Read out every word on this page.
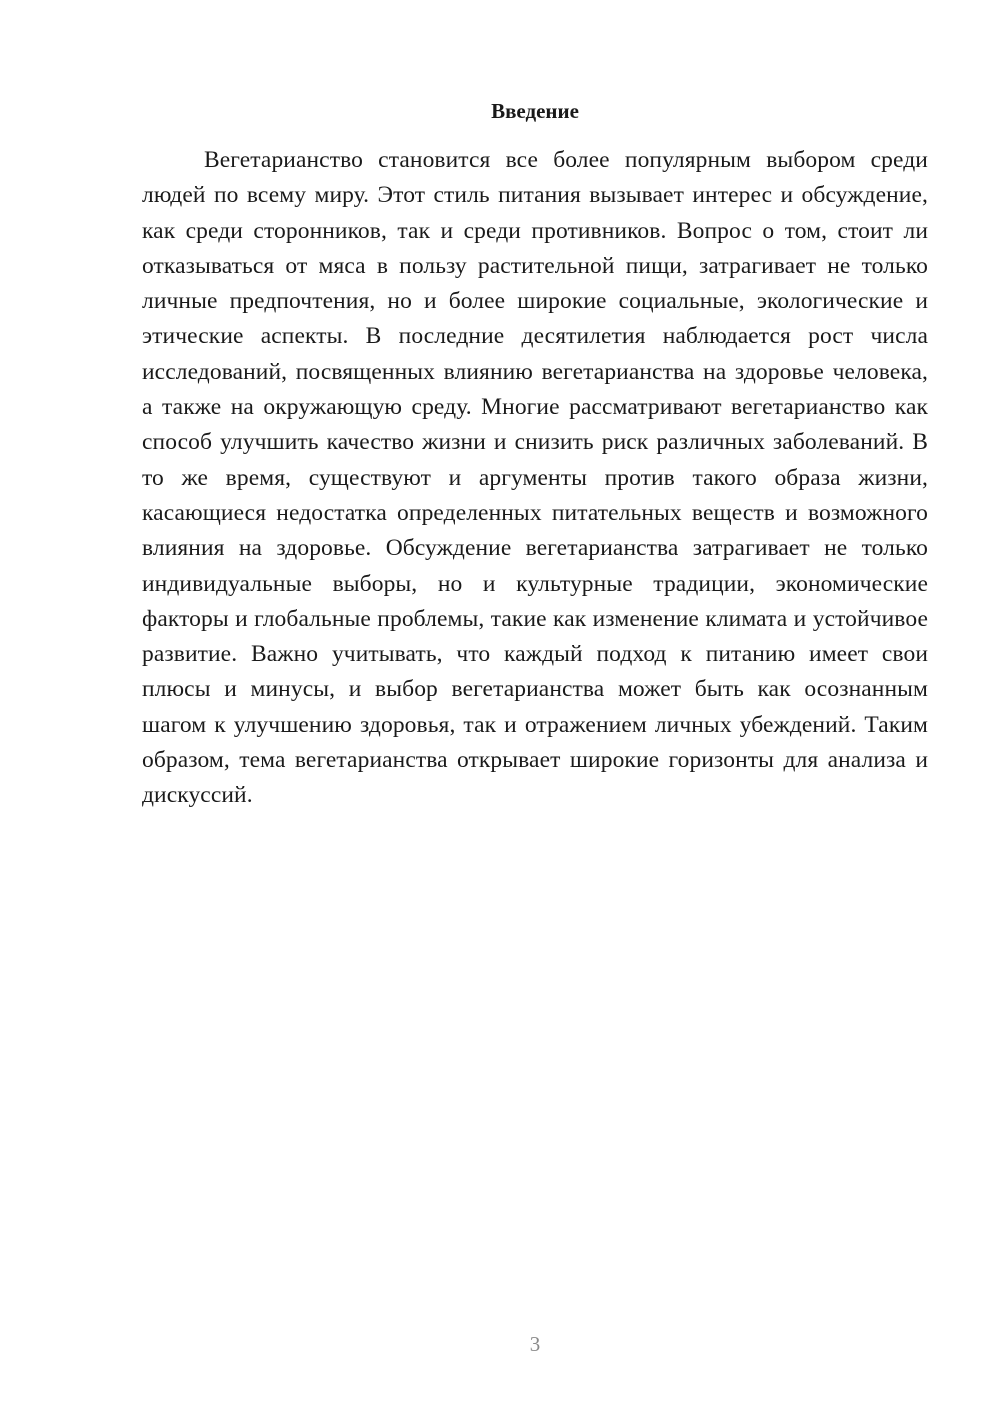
Введение

Вегетарианство становится все более популярным выбором среди людей по всему миру. Этот стиль питания вызывает интерес и обсуждение, как среди сторонников, так и среди противников. Вопрос о том, стоит ли отказываться от мяса в пользу растительной пищи, затрагивает не только личные предпочтения, но и более широкие социальные, экологические и этические аспекты. В последние десятилетия наблюдается рост числа исследований, посвященных влиянию вегетарианства на здоровье человека, а также на окружающую среду. Многие рассматривают вегетарианство как способ улучшить качество жизни и снизить риск различных заболеваний. В то же время, существуют и аргументы против такого образа жизни, касающиеся недостатка определенных питательных веществ и возможного влияния на здоровье. Обсуждение вегетарианства затрагивает не только индивидуальные выборы, но и культурные традиции, экономические факторы и глобальные проблемы, такие как изменение климата и устойчивое развитие. Важно учитывать, что каждый подход к питанию имеет свои плюсы и минусы, и выбор вегетарианства может быть как осознанным шагом к улучшению здоровья, так и отражением личных убеждений. Таким образом, тема вегетарианства открывает широкие горизонты для анализа и дискуссий.

3
